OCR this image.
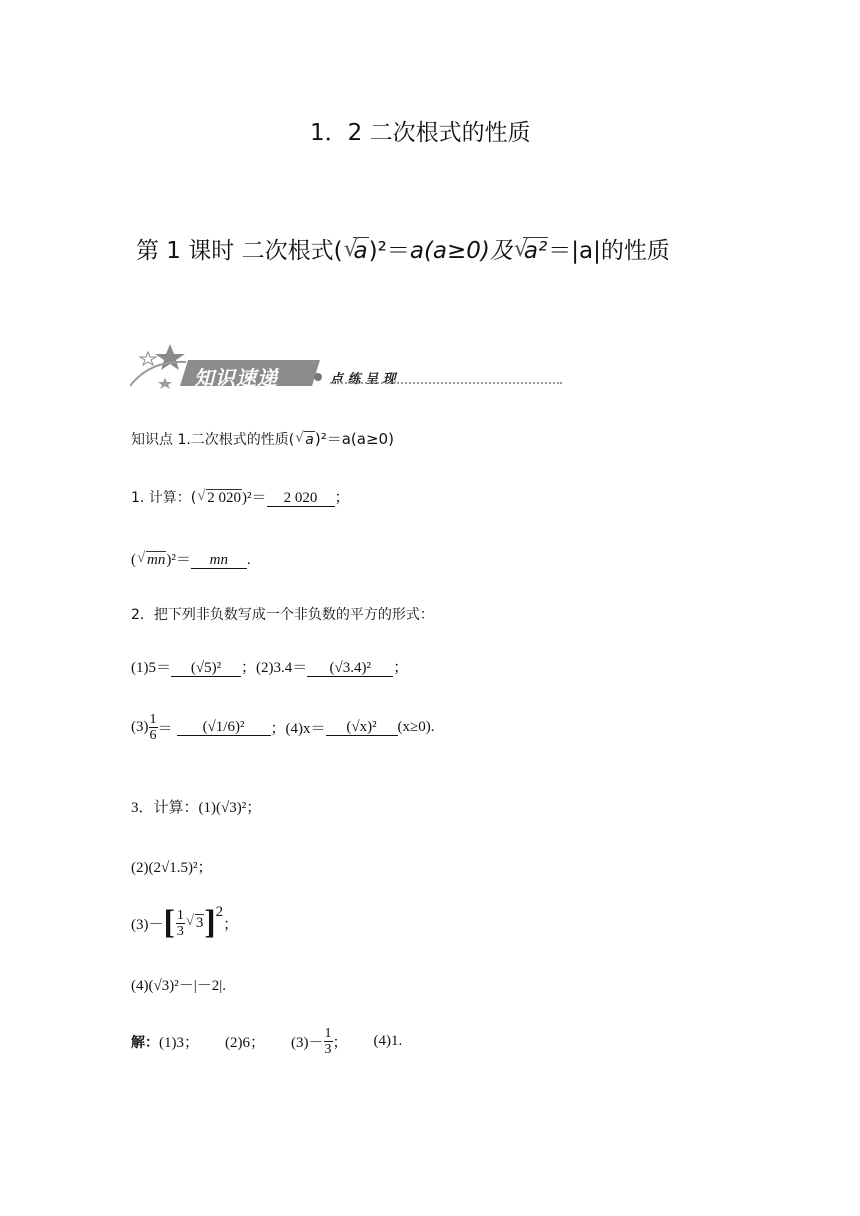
1．2 二次根式的性质
第 1 课时 二次根式( √ a)²＝a(a≥0)及 √ a²＝|a|的性质
知识速递	点 练 呈 现
知识点 1.二次根式的性质( √ a)²＝a(a≥0)
1. 计算：( √ 2 020)²＝ 2 020 ；
( √ mn)²＝ mn .
2．把下列非负数写成一个非负数的平方的形式：
(1)5＝ (√5)² ；(2)3.4＝ (√3.4)² ；
$(3) \frac{1}{6}$ ＝	(√1/6)²	；(4)x＝	(√x)²	(x≥0).
3．计算：(1)(√3)²；
(2)(2√1.5)²；
(3)－ [ $\frac{1}{3}$ √ 3 ] 2
；
(4)(√3)²－|－2|.
解： (1)3； (2)6； $(3)- \frac{1}{3}$ ； (4)1.
